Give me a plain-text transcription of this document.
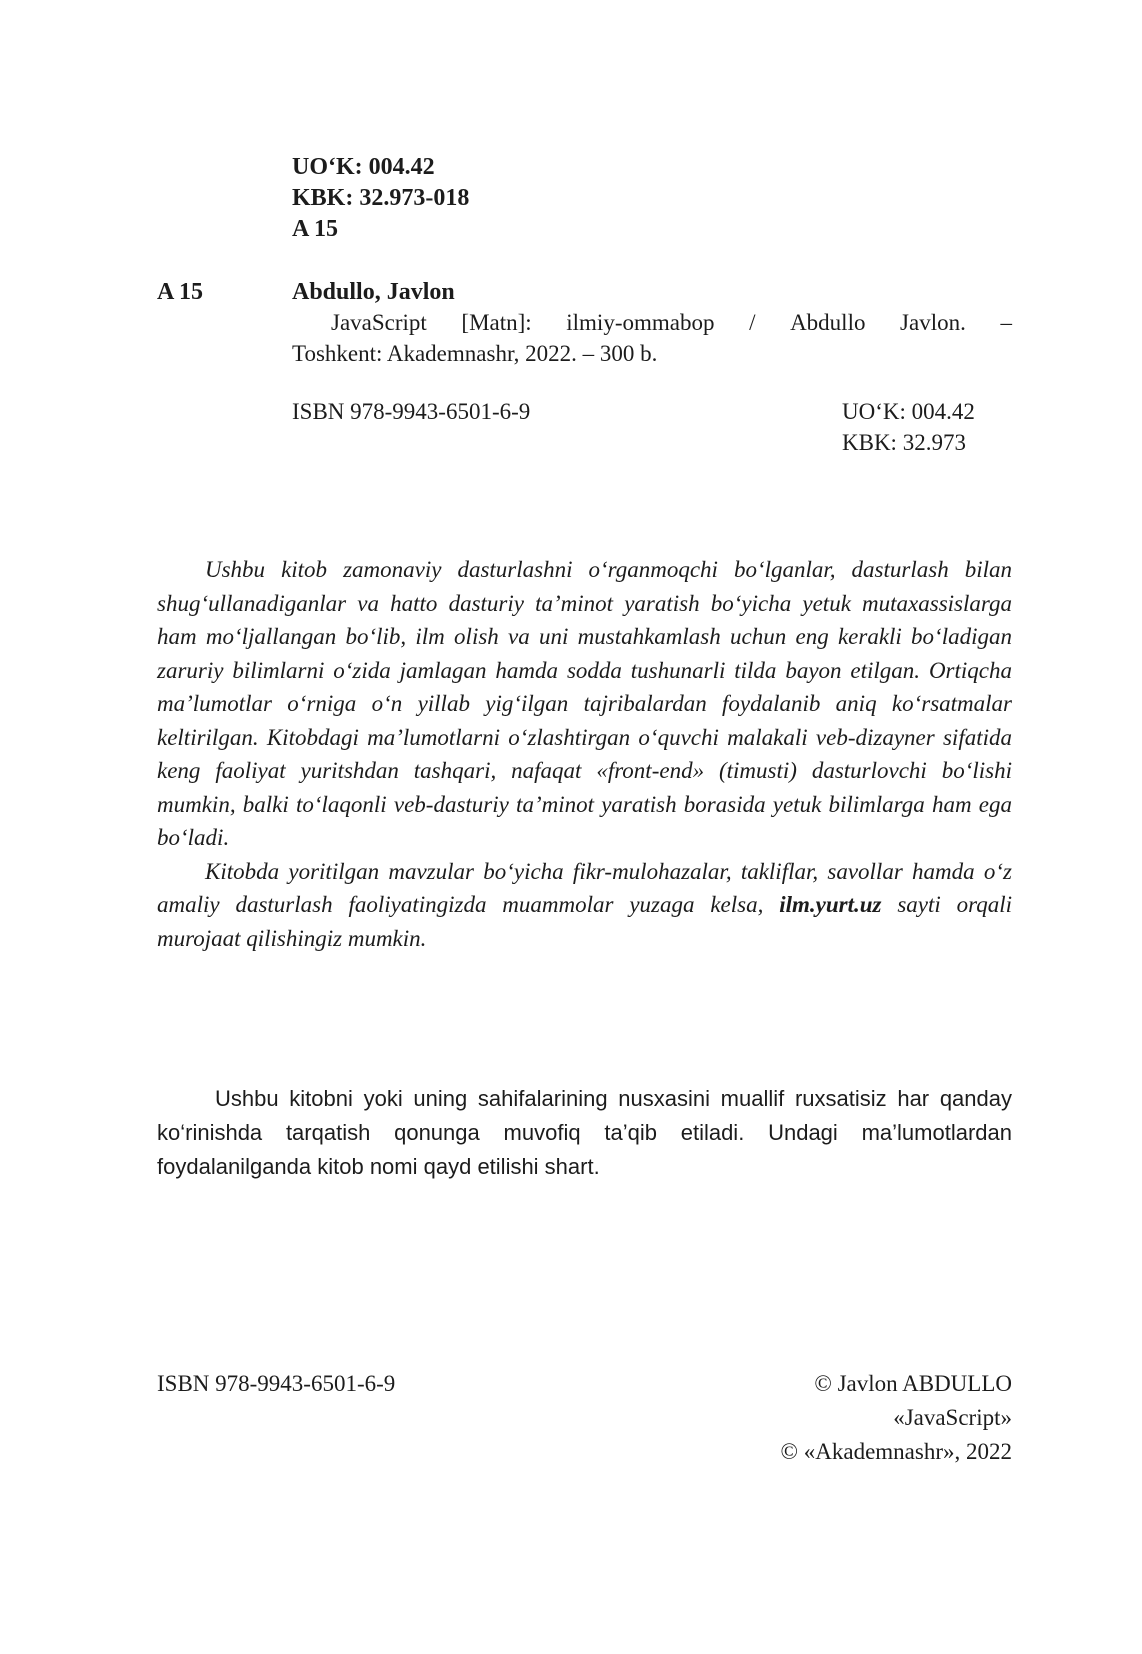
UO‘K: 004.42
KBK: 32.973-018
A 15
A 15	Abdullo, Javlon
JavaScript [Matn]: ilmiy-ommabop / Abdullo Javlon. –
Toshkent: Akademnashr, 2022. – 300 b.
ISBN 978-9943-6501-6-9	UO‘K: 004.42
KBK: 32.973

Ushbu kitob zamonaviy dasturlashni o‘rganmoqchi bo‘lganlar, dasturlash bilan shug‘ullanadiganlar va hatto dasturiy ta’minot yaratish bo‘yicha yetuk mutaxassislarga ham mo‘ljallangan bo‘lib, ilm olish va uni mustahkamlash uchun eng kerakli bo‘ladigan zaruriy bilimlarni o‘zida jamlagan hamda sodda tushunarli tilda bayon etilgan. Ortiqcha ma’lumotlar o‘rniga o‘n yillab yig‘ilgan tajribalardan foydalanib aniq ko‘rsatmalar keltirilgan. Kitobdagi ma’lumotlarni o‘zlashtirgan o‘quvchi malakali veb-dizayner sifatida keng faoliyat yuritshdan tashqari, nafaqat «front-end» (timusti) dasturlovchi bo‘lishi mumkin, balki to‘laqonli veb-dasturiy ta’minot yaratish borasida yetuk bilimlarga ham ega bo‘ladi.

Kitobda yoritilgan mavzular bo‘yicha fikr-mulohazalar, takliflar, savollar hamda o‘z amaliy dasturlash faoliyatingizda muammolar yuzaga kelsa, ilm.yurt.uz sayti orqali murojaat qilishingiz mumkin.

Ushbu kitobni yoki uning sahifalarining nusxasini muallif ruxsatisiz har qanday ko‘rinishda tarqatish qonunga muvofiq ta’qib etiladi. Undagi ma’lumotlardan foydalanilganda kitob nomi qayd etilishi shart.

ISBN 978-9943-6501-6-9	© Javlon ABDULLO
«JavaScript»
© «Akademnashr», 2022
